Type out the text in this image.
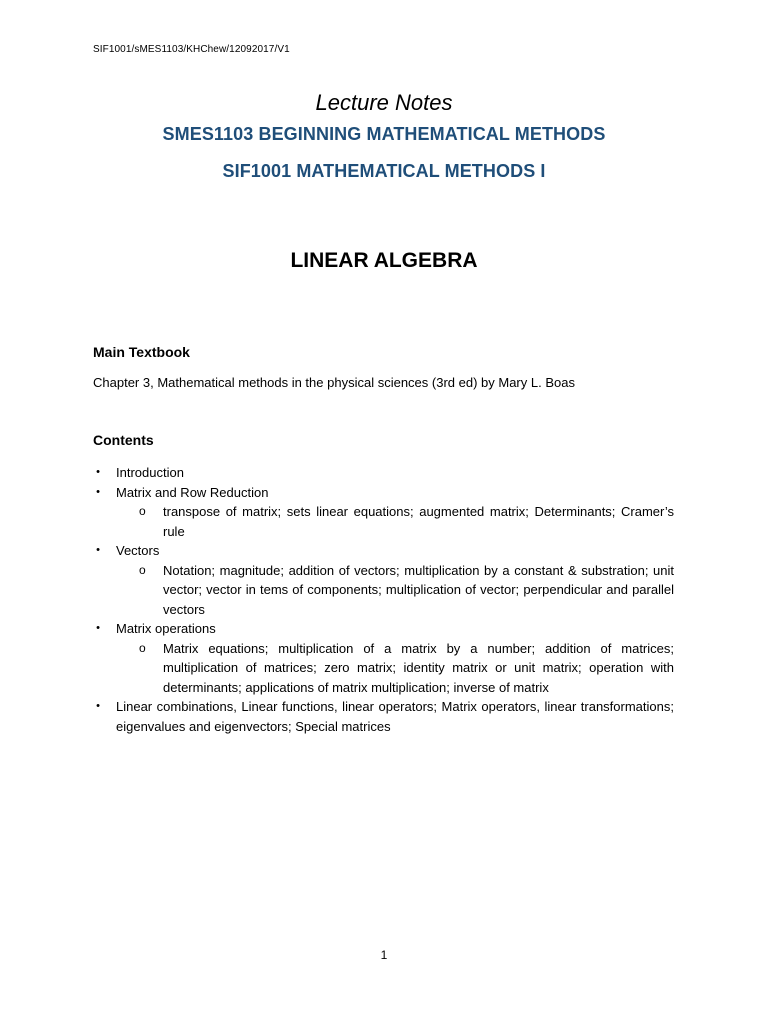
SIF1001/sMES1103/KHChew/12092017/V1
Lecture Notes
SMES1103 BEGINNING MATHEMATICAL METHODS
SIF1001 MATHEMATICAL METHODS I
LINEAR ALGEBRA
Main Textbook
Chapter 3, Mathematical methods in the physical sciences (3rd ed) by Mary L. Boas
Contents
• Introduction
• Matrix and Row Reduction
o transpose of matrix; sets linear equations; augmented matrix; Determinants; Cramer’s rule
• Vectors
o Notation; magnitude; addition of vectors; multiplication by a constant & substration; unit vector; vector in tems of components; multiplication of vector; perpendicular and parallel vectors
• Matrix operations
o Matrix equations; multiplication of a matrix by a number; addition of matrices; multiplication of matrices; zero matrix; identity matrix or unit matrix; operation with determinants; applications of matrix multiplication; inverse of matrix
• Linear combinations, Linear functions, linear operators; Matrix operators, linear transformations; eigenvalues and eigenvectors; Special matrices
1
